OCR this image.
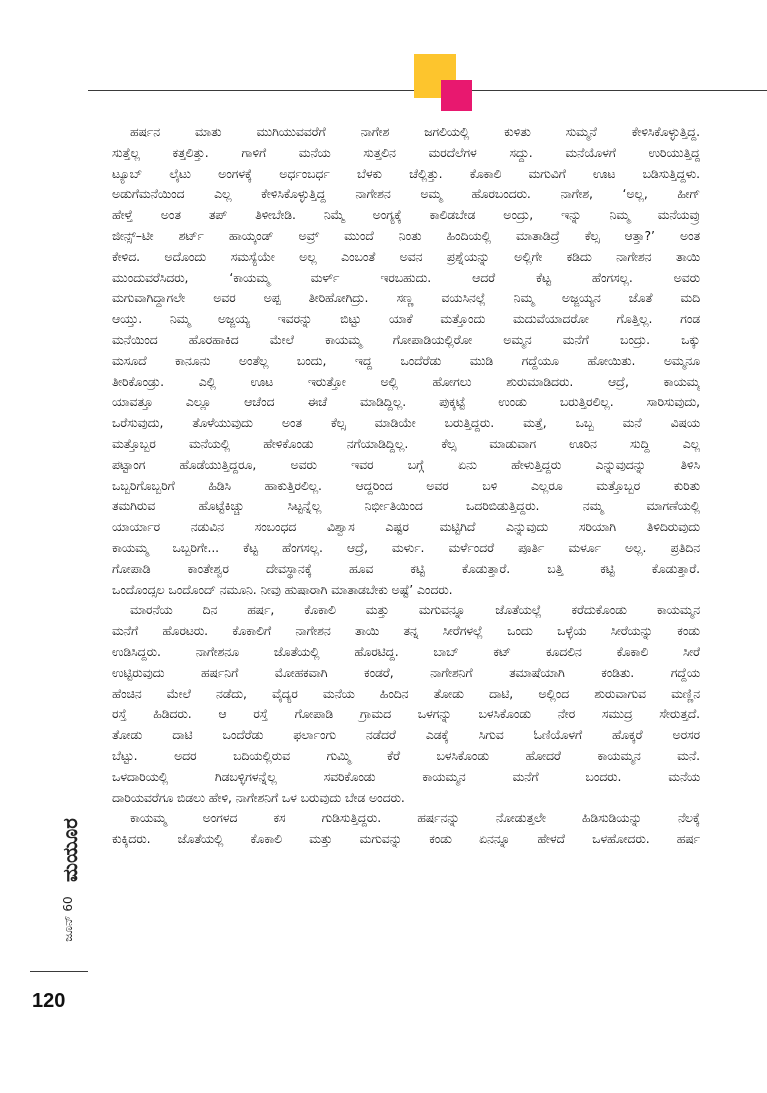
ಹರ್ಷನ ಮಾತು ಮುಗಿಯುವವರೆಗೆ ನಾಗೇಶ ಜಗಲಿಯಲ್ಲಿ ಕುಳಿತು ಸುಮ್ಮನೆ ಕೇಳಿಸಿಕೊಳ್ಳುತ್ತಿದ್ದ.
ಸುತ್ತೆಲ್ಲ ಕತ್ತಲಿತ್ತು. ಗಾಳಿಗೆ ಮನೆಯ ಸುತ್ತಲಿನ ಮರದೆಲೆಗಳ ಸದ್ದು. ಮನೆಯೊಳಗೆ ಉರಿಯುತ್ತಿದ್ದ
ಟ್ಯೂಬ್ ಲೈಟು ಅಂಗಳಕ್ಕೆ ಅರ್ಧಂಬರ್ಧ ಬೆಳಕು ಚೆಲ್ಲಿತ್ತು. ಕೊಕಾಲಿ ಮಗುವಿಗೆ ಊಟ ಬಡಿಸುತ್ತಿದ್ದಳು.
ಅಡುಗೆಮನೆಯಿಂದ ಎಲ್ಲ ಕೇಳಿಸಿಕೊಳ್ಳುತ್ತಿದ್ದ ನಾಗೇಶನ ಅಮ್ಮ ಹೊರಬಂದರು. ನಾಗೇಶ, ‘ಅಲ್ಲ, ಹೀಗ್
ಹೇಳ್ತೆ ಅಂತ ತಪ್ ತಿಳೀಬೇಡಿ. ನಿಮ್ಮೆ ಅಂಗ್ಯಕ್ಕೆ ಕಾಲಿಡಬೇಡ ಅಂದ್ರು, ಇನ್ನು ನಿಮ್ಮ ಮನೆಯವ್ರು
ಜೀನ್ಸ್–ಟೀ ಶರ್ಟ್ ಹಾಯ್ಕಂಡ್ ಅವ್ರ್ ಮುಂದೆ ನಿಂತು ಹಿಂದಿಯಲ್ಲಿ ಮಾತಾಡಿದ್ರೆ ಕೆಲ್ಸ ಆತ್ತಾ?’ ಅಂತ
ಕೇಳಿದ. ಅದೊಂದು ಸಮಸ್ಯೆಯೇ ಅಲ್ಲ ಎಂಬಂತೆ ಅವನ ಪ್ರಶ್ನೆಯನ್ನು ಅಲ್ಲಿಗೇ ಕಡಿದು ನಾಗೇಶನ ತಾಯಿ
ಮುಂದುವರೆಸಿದರು, ‘ಕಾಯಮ್ಮ ಮರ್ಳ್ ಇರಬಹುದು. ಆದರೆ ಕೆಟ್ಟ ಹೆಂಗಸಲ್ಲ. ಅವರು
ಮಗುವಾಗಿದ್ದಾಗಲೇ ಅವರ ಅಪ್ಪ ತೀರಿಹೋಗಿದ್ರು. ಸಣ್ಣ ವಯಸಿನಲ್ಲೆ ನಿಮ್ಮ ಅಜ್ಜಯ್ಯನ ಜೊತೆ ಮದಿ
ಆಯ್ತು. ನಿಮ್ಮ ಅಜ್ಜಯ್ಯ ಇವರನ್ನು ಬಿಟ್ಟು ಯಾಕೆ ಮತ್ತೊಂದು ಮದುವೆಯಾದರೋ ಗೊತ್ತಿಲ್ಲ. ಗಂಡ
ಮನೆಯಿಂದ ಹೊರಹಾಕಿದ ಮೇಲೆ ಕಾಯಮ್ಮ ಗೋಪಾಡಿಯಲ್ಲಿರೋ ಅಮ್ಮನ ಮನೆಗೆ ಬಂದ್ರು. ಒಕ್ಕು
ಮಸೂದೆ ಕಾನೂನು ಅಂತೆಲ್ಲ ಬಂದು, ಇದ್ದ ಒಂದೆರೆಡು ಮುಡಿ ಗದ್ದೆಯೂ ಹೋಯಿತು. ಅಮ್ಮನೂ
ತೀರಿಕೊಂಡ್ರು. ಎಲ್ಲಿ ಊಟ ಇರುತ್ತೋ ಅಲ್ಲಿ ಹೋಗಲು ಶುರುಮಾಡಿದರು. ಆದ್ರೆ, ಕಾಯಮ್ಮ
ಯಾವತ್ತೂ ಎಲ್ಲೂ ಆಚೆಂದ ಈಚೆ ಮಾಡಿದ್ದಿಲ್ಲ. ಪುಕ್ಕಟ್ಟೆ ಉಂಡು ಬರುತ್ತಿರಲಿಲ್ಲ. ಸಾರಿಸುವುದು,
ಒರೆಸುವುದು, ತೊಳೆಯುವುದು ಅಂತ ಕೆಲ್ಸ ಮಾಡಿಯೇ ಬರುತ್ತಿದ್ದರು. ಮತ್ತೆ, ಒಬ್ಬ ಮನೆ ವಿಷಯ
ಮತ್ತೊಬ್ಬರ ಮನೆಯಲ್ಲಿ ಹೇಳಿಕೊಂಡು ನಗೆಯಾಡಿದ್ದಿಲ್ಲ. ಕೆಲ್ಸ ಮಾಡುವಾಗ ಊರಿನ ಸುದ್ದಿ ಎಲ್ಲ
ಪಟ್ಟಾಂಗ ಹೊಡೆಯುತ್ತಿದ್ದರೂ, ಅವರು ಇವರ ಬಗ್ಗೆ ಏನು ಹೇಳುತ್ತಿದ್ದರು ಎನ್ನುವುದನ್ನು ತಿಳಿಸಿ
ಒಬ್ಬರಿಗೊಬ್ಬರಿಗೆ ಹಿಡಿಸಿ ಹಾಕುತ್ತಿರಲಿಲ್ಲ. ಆದ್ದರಿಂದ ಅವರ ಬಳಿ ಎಲ್ಲರೂ ಮತ್ತೊಬ್ಬರ ಕುರಿತು
ತಮಗಿರುವ ಹೊಟ್ಟೆಕಿಚ್ಚು ಸಿಟ್ಟನ್ನೆಲ್ಲ ನಿರ್ಭೀತಿಯಿಂದ ಒದರಿಬಿಡುತ್ತಿದ್ದರು. ನಮ್ಮ ಮಾಗಣೆಯಲ್ಲಿ
ಯಾರ್ಯಾರ ನಡುವಿನ ಸಂಬಂಧದ ವಿಶ್ವಾಸ ಎಷ್ಟರ ಮಟ್ಟಿಗಿದೆ ಎನ್ನುವುದು ಸರಿಯಾಗಿ ತಿಳಿದಿರುವುದು
ಕಾಯಮ್ಮ ಒಬ್ಬರಿಗೇ... ಕೆಟ್ಟ ಹೆಂಗಸಲ್ಲ. ಆದ್ರೆ, ಮರ್ಳು. ಮರ್ಳೆಂದರೆ ಪೂರ್ತಿ ಮರ್ಳೂ ಅಲ್ಲ. ಪ್ರತಿದಿನ
ಗೋಪಾಡಿ ಕಾಂತೇಶ್ವರ ದೇವಸ್ಥಾನಕ್ಕೆ ಹೂವ ಕಟ್ಟಿ ಕೊಡುತ್ತಾರೆ. ಬತ್ತಿ ಕಟ್ಟಿ ಕೊಡುತ್ತಾರೆ.
ಒಂದೊಂದ್ಸಲ ಒಂದೊಂದ್ ನಮೂನಿ. ನೀವು ಹುಷಾರಾಗಿ ಮಾತಾಡಬೇಕು ಅಷ್ಟೆ’ ಎಂದರು.
ಮಾರನೆಯ ದಿನ ಹರ್ಷ, ಕೊಕಾಲಿ ಮತ್ತು ಮಗುವನ್ನೂ ಜೊತೆಯಲ್ಲೆ ಕರೆದುಕೊಂಡು ಕಾಯಮ್ಮನ
ಮನೆಗೆ ಹೊರಟರು. ಕೊಕಾಲಿಗೆ ನಾಗೇಶನ ತಾಯಿ ತನ್ನ ಸೀರೆಗಳಲ್ಲೆ ಒಂದು ಒಳ್ಳೆಯ ಸೀರೆಯನ್ನು ಕಂಡು
ಉಡಿಸಿದ್ದರು. ನಾಗೇಶನೂ ಜೊತೆಯಲ್ಲಿ ಹೊರಟಿದ್ದ. ಬಾಬ್ ಕಟ್ ಕೂದಲಿನ ಕೊಕಾಲಿ ಸೀರೆ
ಉಟ್ಟಿರುವುದು ಹರ್ಷನಿಗೆ ಮೋಹಕವಾಗಿ ಕಂಡರೆ, ನಾಗೇಶನಿಗೆ ತಮಾಷೆಯಾಗಿ ಕಂಡಿತು. ಗದ್ದೆಯ
ಹೆಂಚಿನ ಮೇಲೆ ನಡೆದು, ವೈದ್ಯರ ಮನೆಯ ಹಿಂದಿನ ತೋಡು ದಾಟಿ, ಅಲ್ಲಿಂದ ಶುರುವಾಗುವ ಮಣ್ಣಿನ
ರಸ್ತೆ ಹಿಡಿದರು. ಆ ರಸ್ತೆ ಗೋಪಾಡಿ ಗ್ರಾಮದ ಒಳಗನ್ನು ಬಳಸಿಕೊಂಡು ನೇರ ಸಮುದ್ರ ಸೇರುತ್ತದೆ.
ತೋಡು ದಾಟಿ ಒಂದೆರೆಡು ಫರ್ಲಾಂಗು ನಡೆದರೆ ಎಡಕ್ಕೆ ಸಿಗುವ ಓಣಿಯೊಳಗೆ ಹೊಕ್ಕರೆ ಅರಸರ
ಬೆಟ್ಟು. ಅದರ ಬದಿಯಲ್ಲಿರುವ ಗುಮ್ಮಿ ಕೆರೆ ಬಳಸಿಕೊಂಡು ಹೋದರೆ ಕಾಯಮ್ಮನ ಮನೆ.
ಒಳದಾರಿಯಲ್ಲಿ ಗಿಡಬಳ್ಳಿಗಳನ್ನೆಲ್ಲ ಸವರಿಕೊಂಡು ಕಾಯಮ್ಮನ ಮನೆಗೆ ಬಂದರು. ಮನೆಯ
ದಾರಿಯವರೆಗೂ ಬಿಡಲು ಹೇಳಿ, ನಾಗೇಶನಿಗೆ ಒಳ ಬರುವುದು ಬೇಡ ಅಂದರು.
ಕಾಯಮ್ಮ ಅಂಗಳದ ಕಸ ಗುಡಿಸುತ್ತಿದ್ದರು. ಹರ್ಷನನ್ನು ನೋಡುತ್ತಲೇ ಹಿಡಿಸುಡಿಯನ್ನು ನೆಲಕ್ಕೆ
ಕುಕ್ಕಿದರು. ಜೊತೆಯಲ್ಲಿ ಕೊಕಾಲಿ ಮತ್ತು ಮಗುವನ್ನು ಕಂಡು ಏನನ್ನೂ ಹೇಳದೆ ಒಳಹೋದರು. ಹರ್ಷ
ಮಯೂರ
ಜೂನ್ 60
120
